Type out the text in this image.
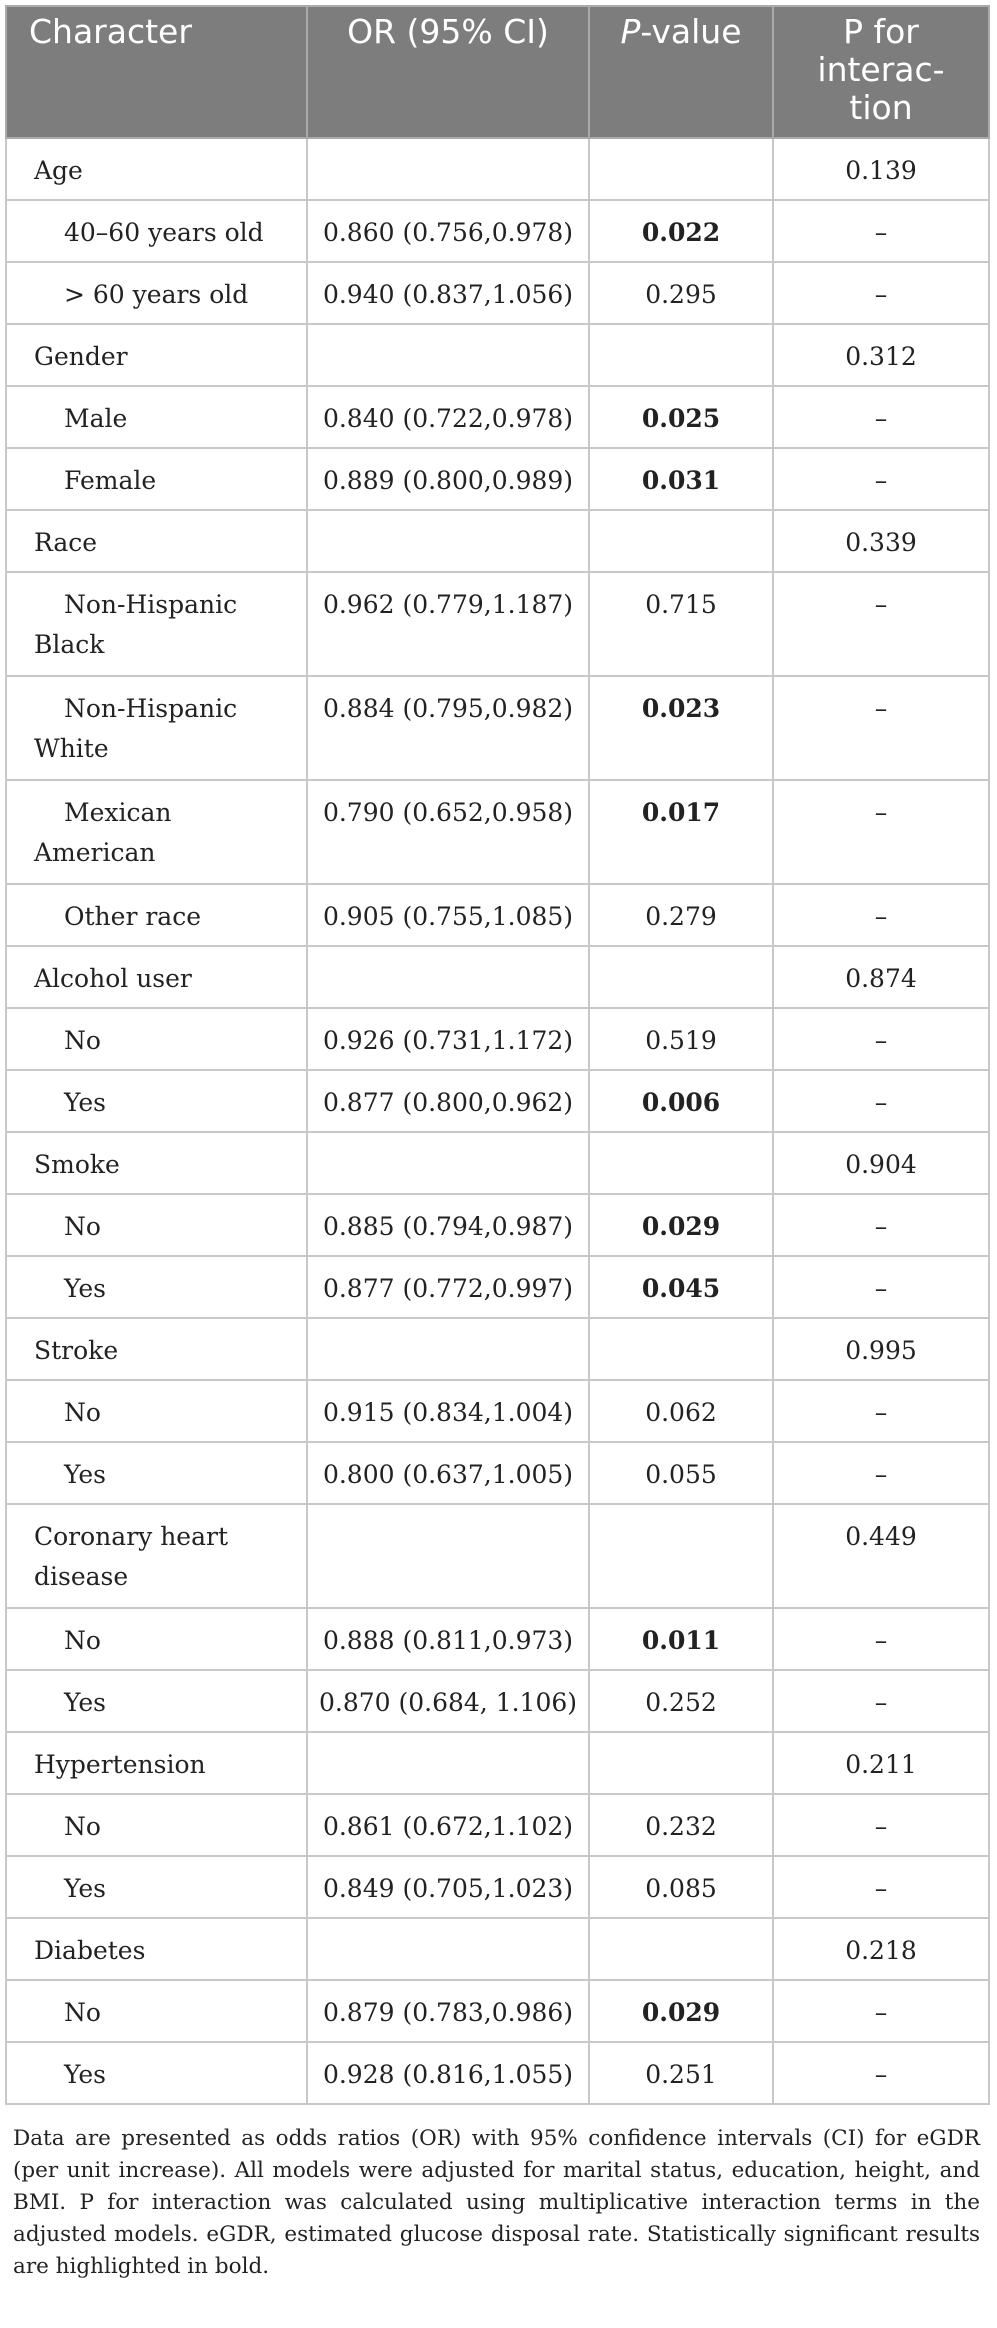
Character	OR (95% CI)	P-value	P for
interac-
tion

Age			0.139
40–60 years old	0.860 (0.756,0.978)	0.022	–
> 60 years old	0.940 (0.837,1.056)	0.295	–
Gender			0.312
Male	0.840 (0.722,0.978)	0.025	–
Female	0.889 (0.800,0.989)	0.031	–
Race			0.339
Non-Hispanic Black	0.962 (0.779,1.187)	0.715	–
Non-Hispanic White	0.884 (0.795,0.982)	0.023	–
Mexican American	0.790 (0.652,0.958)	0.017	–
Other race	0.905 (0.755,1.085)	0.279	–
Alcohol user			0.874
No	0.926 (0.731,1.172)	0.519	–
Yes	0.877 (0.800,0.962)	0.006	–
Smoke			0.904
No	0.885 (0.794,0.987)	0.029	–
Yes	0.877 (0.772,0.997)	0.045	–
Stroke			0.995
No	0.915 (0.834,1.004)	0.062	–
Yes	0.800 (0.637,1.005)	0.055	–
Coronary heart disease			0.449
No	0.888 (0.811,0.973)	0.011	–
Yes	0.870 (0.684, 1.106)	0.252	–
Hypertension			0.211
No	0.861 (0.672,1.102)	0.232	–
Yes	0.849 (0.705,1.023)	0.085	–
Diabetes			0.218
No	0.879 (0.783,0.986)	0.029	–
Yes	0.928 (0.816,1.055)	0.251	–
Data are presented as odds ratios (OR) with 95% confidence intervals (CI) for eGDR (per unit increase). All models were adjusted for marital status, education, height, and BMI. P for interaction was calculated using multiplicative interaction terms in the adjusted models. eGDR, estimated glucose disposal rate. Statistically significant results are highlighted in bold.
